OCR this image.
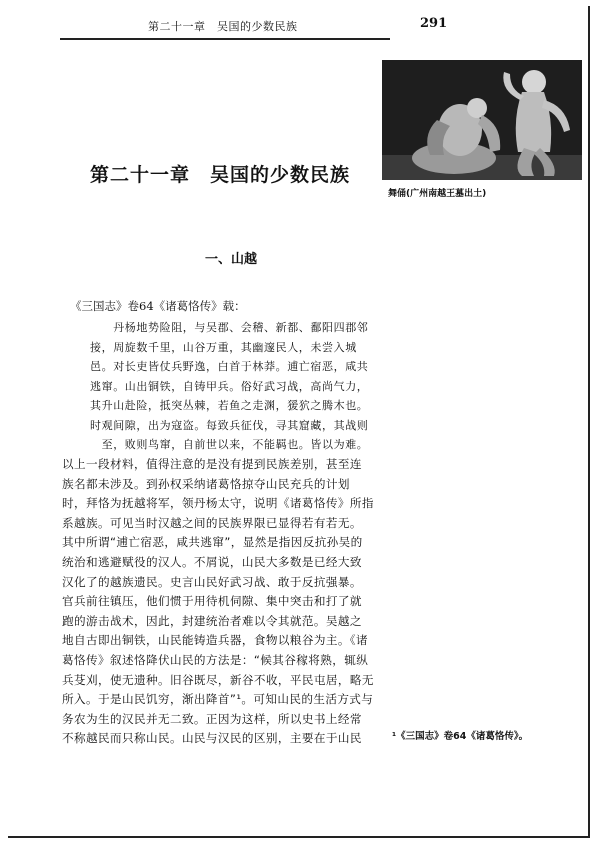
第二十一章　吴国的少数民族	291
舞俑(广州南越王墓出土)
第二十一章　吴国的少数民族
一、山越
《三国志》卷64《诸葛恪传》载：
　　丹杨地势险阻，与吴郡、会稽、新都、鄱阳四郡邻
接，周旋数千里，山谷万重，其幽邃民人，未尝入城
邑。对长吏皆仗兵野逸，白首于林莽。逋亡宿恶，咸共
逃窜。山出铜铁，自铸甲兵。俗好武习战，高尚气力，
其升山赴险，抵突丛棘，若鱼之走渊，猨狖之腾木也。
时观间隙，出为寇盗。每致兵征伐，寻其窟藏，其战则
　至，败则鸟窜，自前世以来，不能羁也。皆以为难。
以上一段材料，值得注意的是没有提到民族差别，甚至连
族名都未涉及。到孙权采纳诸葛恪掠夺山民充兵的计划
时，拜恪为抚越将军，领丹杨太守，说明《诸葛恪传》所指
系越族。可见当时汉越之间的民族界限已显得若有若无。
其中所谓“逋亡宿恶，咸共逃窜”，显然是指因反抗孙吴的
统治和逃避赋役的汉人。不屑说，山民大多数是已经大致
汉化了的越族遗民。史言山民好武习战、敢于反抗强暴。
官兵前往镇压，他们惯于用待机伺隙、集中突击和打了就
跑的游击战术，因此，封建统治者难以令其就范。吴越之
地自古即出铜铁，山民能铸造兵器，食物以粮谷为主。《诸
葛恪传》叙述恪降伏山民的方法是：“候其谷稼将熟，辄纵
兵芟刈，使无遗种。旧谷既尽，新谷不收，平民屯居，略无
所入。于是山民饥穷，渐出降首”¹。可知山民的生活方式与
务农为生的汉民并无二致。正因为这样，所以史书上经常
不称越民而只称山民。山民与汉民的区别，主要在于山民	¹《三国志》卷64《诸葛恪传》。
